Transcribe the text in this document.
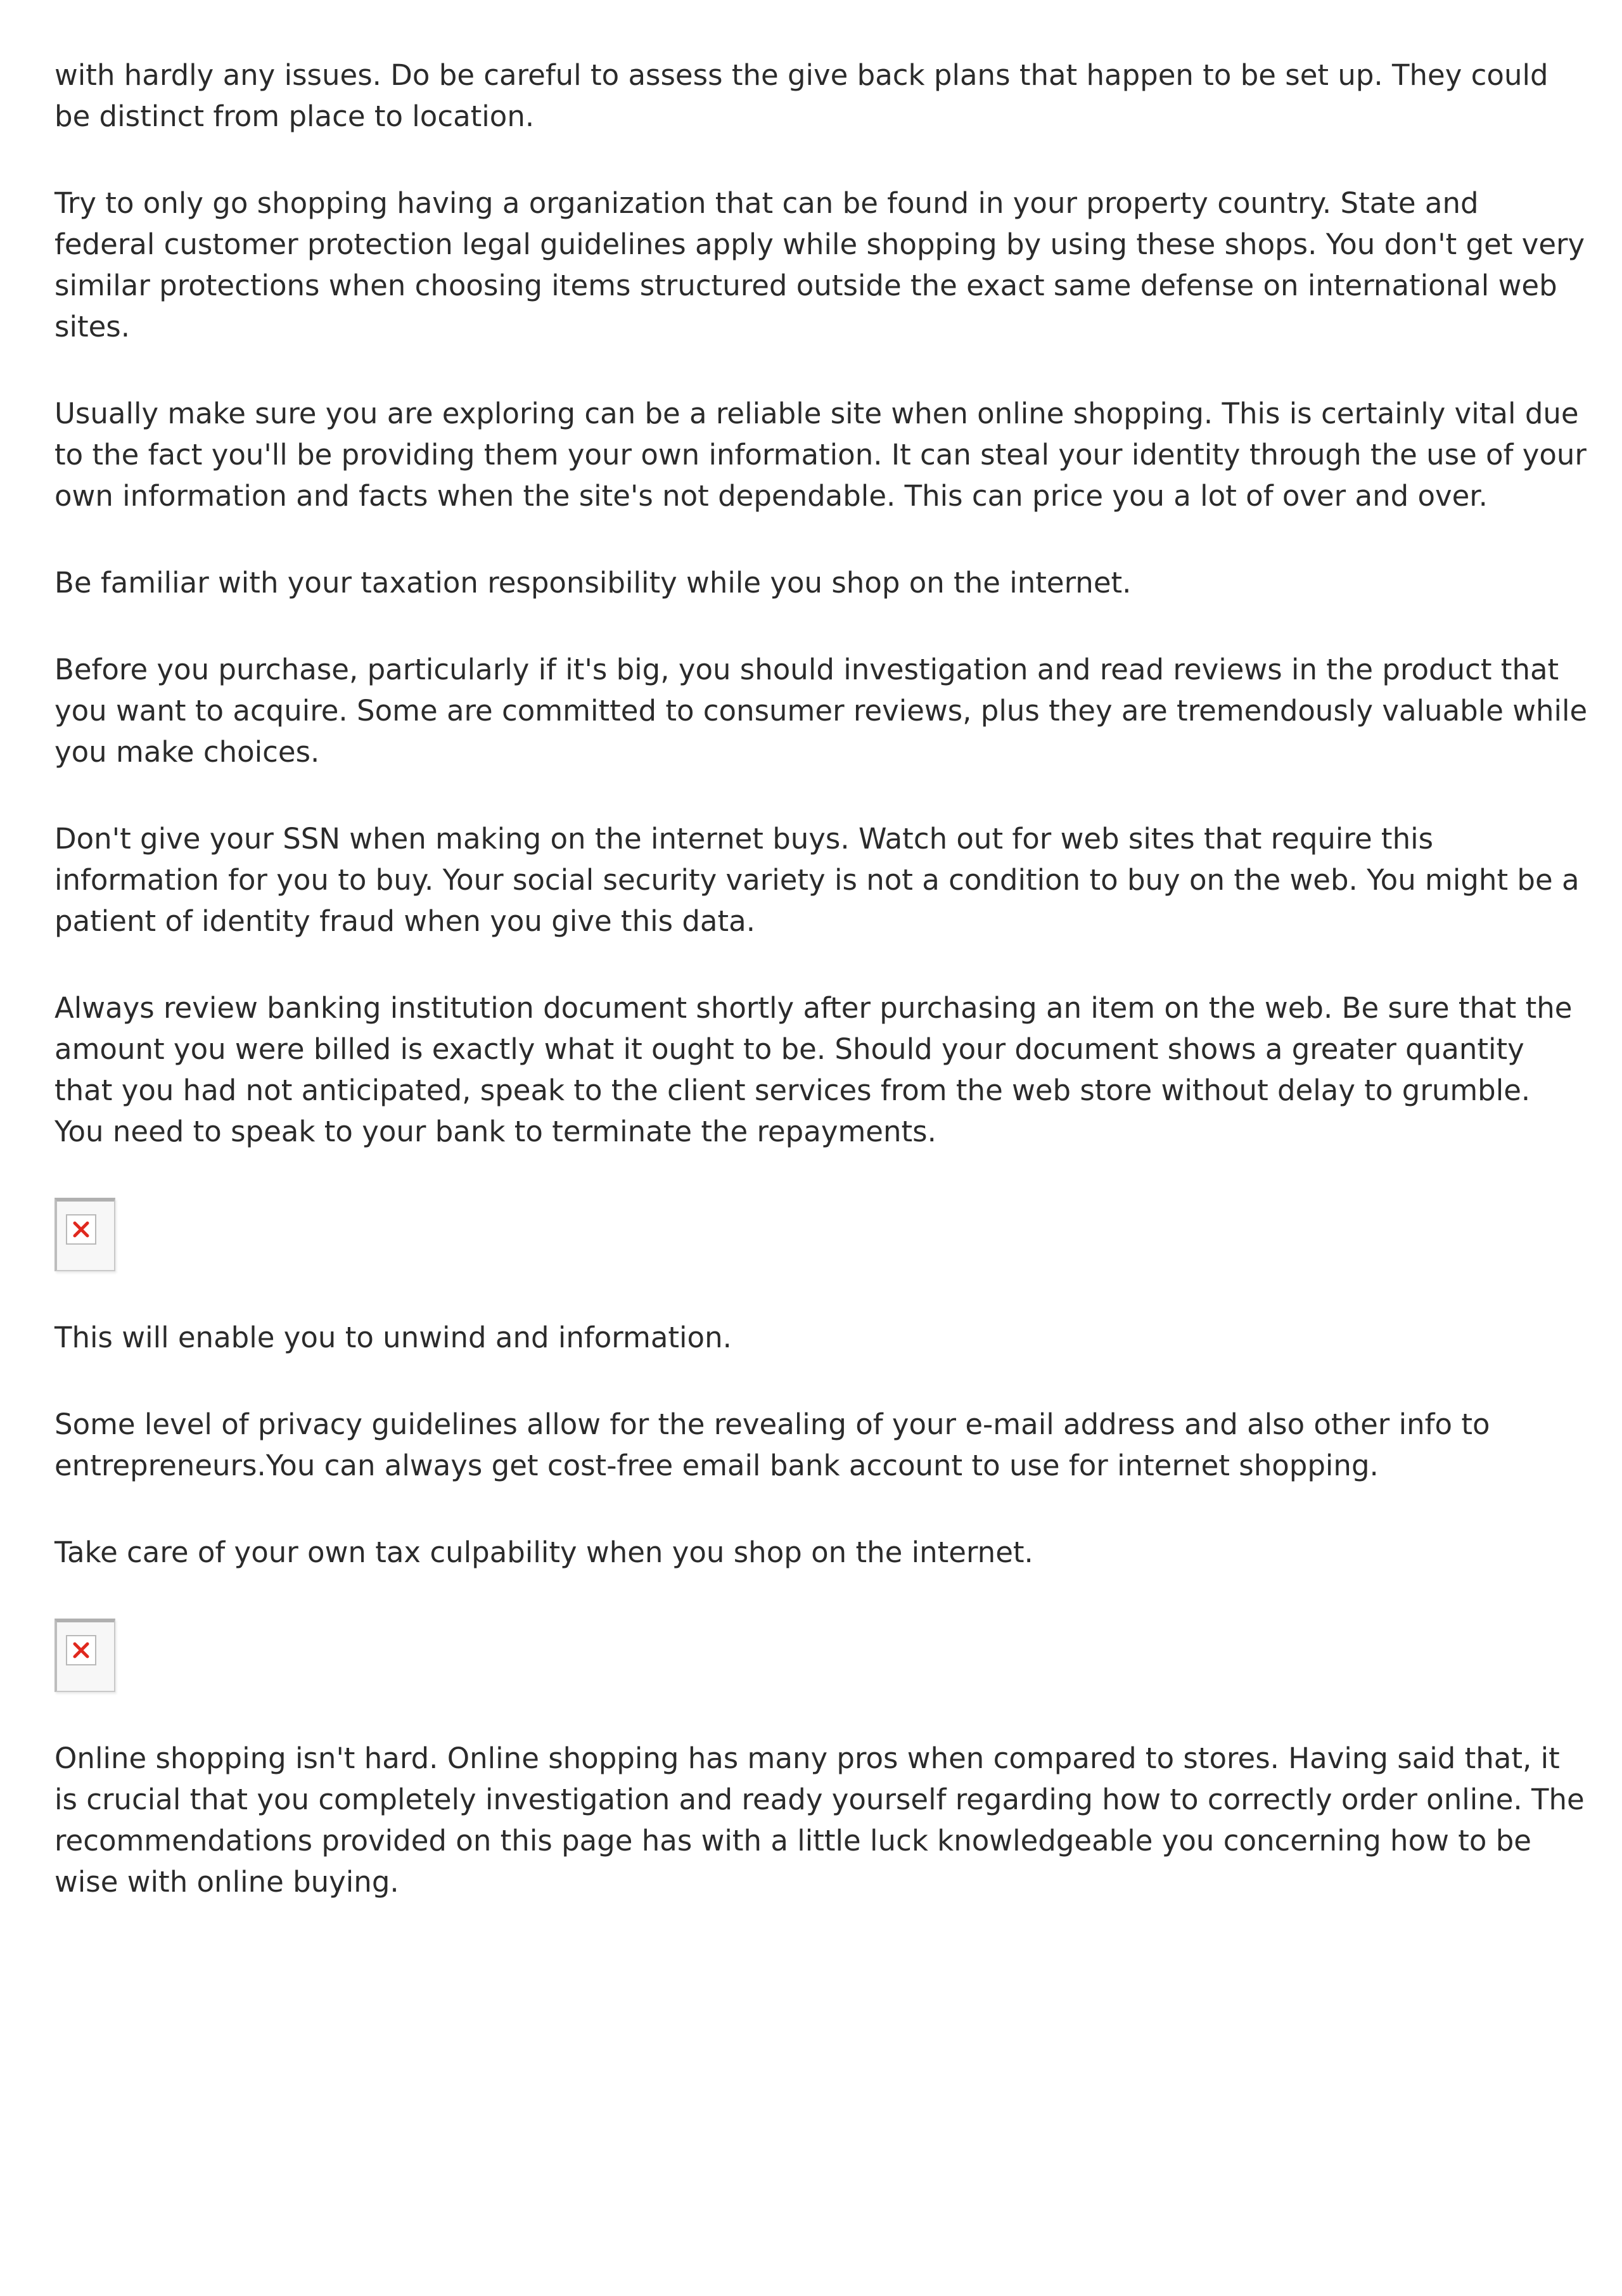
with hardly any issues. Do be careful to assess the give back plans that happen to be set up. They could be distinct from place to location.

Try to only go shopping having a organization that can be found in your property country. State and federal customer protection legal guidelines apply while shopping by using these shops. You don't get very similar protections when choosing items structured outside the exact same defense on international web sites.

Usually make sure you are exploring can be a reliable site when online shopping. This is certainly vital due to the fact you'll be providing them your own information. It can steal your identity through the use of your own information and facts when the site's not dependable. This can price you a lot of over and over.

Be familiar with your taxation responsibility while you shop on the internet.

Before you purchase, particularly if it's big, you should investigation and read reviews in the product that you want to acquire. Some are committed to consumer reviews, plus they are tremendously valuable while you make choices.

Don't give your SSN when making on the internet buys. Watch out for web sites that require this information for you to buy. Your social security variety is not a condition to buy on the web. You might be a patient of identity fraud when you give this data.

Always review banking institution document shortly after purchasing an item on the web. Be sure that the amount you were billed is exactly what it ought to be. Should your document shows a greater quantity that you had not anticipated, speak to the client services from the web store without delay to grumble. You need to speak to your bank to terminate the repayments.

This will enable you to unwind and information.

Some level of privacy guidelines allow for the revealing of your e-mail address and also other info to entrepreneurs.You can always get cost-free email bank account to use for internet shopping.

Take care of your own tax culpability when you shop on the internet.

Online shopping isn't hard. Online shopping has many pros when compared to stores. Having said that, it is crucial that you completely investigation and ready yourself regarding how to correctly order online. The recommendations provided on this page has with a little luck knowledgeable you concerning how to be wise with online buying.
